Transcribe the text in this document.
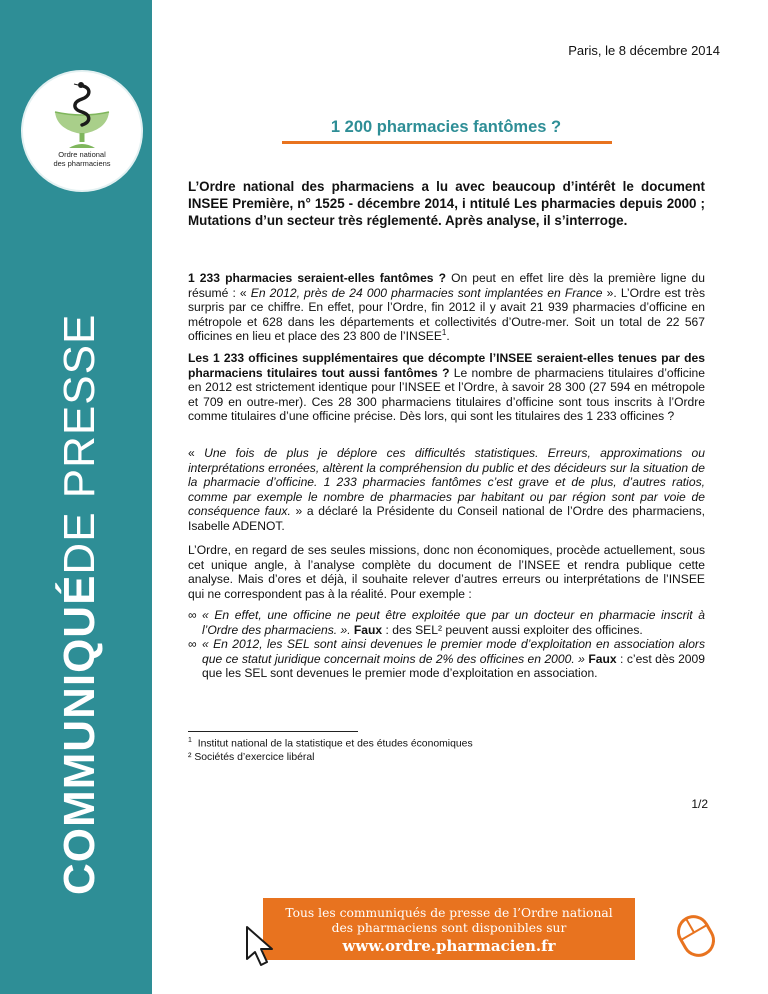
Ordre national
des pharmaciens
COMMUNIQUÉDE PRESSE
Paris, le 8 décembre 2014
1 200 pharmacies fantômes ?

L’Ordre national des pharmaciens a lu avec beaucoup d’intérêt le document INSEE Première, n° 1525 - décembre 2014, i ntitulé Les pharmacies depuis 2000 ; Mutations d’un secteur très réglementé. Après analyse, il s’interroge.

1 233 pharmacies seraient-elles fantômes ? On peut en effet lire dès la première ligne du résumé : « En 2012, près de 24 000 pharmacies sont implantées en France ». L’Ordre est très surpris par ce chiffre. En effet, pour l’Ordre, fin 2012 il y avait 21 939 pharmacies d’officine en métropole et 628 dans les départements et collectivités d’Outre-mer. Soit un total de 22 567 officines en lieu et place des 23 800 de l’INSEE$^1$.

Les 1 233 officines supplémentaires que décompte l’INSEE seraient-elles tenues par des pharmaciens titulaires tout aussi fantômes ? Le nombre de pharmaciens titulaires d’officine en 2012 est strictement identique pour l’INSEE et l’Ordre, à savoir 28 300 (27 594 en métropole et 709 en outre-mer). Ces 28 300 pharmaciens titulaires d’officine sont tous inscrits à l’Ordre comme titulaires d’une officine précise. Dès lors, qui sont les titulaires des 1 233 officines ?

« Une fois de plus je déplore ces difficultés statistiques. Erreurs, approximations ou interprétations erronées, altèrent la compréhension du public et des décideurs sur la situation de la pharmacie d’officine. 1 233 pharmacies fantômes c’est grave et de plus, d’autres ratios, comme par exemple le nombre de pharmacies par habitant ou par région sont par voie de conséquence faux. » a déclaré la Présidente du Conseil national de l’Ordre des pharmaciens, Isabelle ADENOT.

L’Ordre, en regard de ses seules missions, donc non économiques, procède actuellement, sous cet unique angle, à l’analyse complète du document de l’INSEE et rendra publique cette analyse. Mais d’ores et déjà, il souhaite relever d’autres erreurs ou interprétations de l’INSEE qui ne correspondent pas à la réalité. Pour exemple :

∞ « En effet, une officine ne peut être exploitée que par un docteur en pharmacie inscrit à l’Ordre des pharmaciens. ». Faux : des SEL² peuvent aussi exploiter des officines.
∞ « En 2012, les SEL sont ainsi devenues le premier mode d’exploitation en association alors que ce statut juridique concernait moins de 2% des officines en 2000. » Faux : c’est dès 2009 que les SEL sont devenues le premier mode d’exploitation en association.
$^1$ Institut national de la statistique et des études économiques
² Sociétés d’exercice libéral
1/2
Tous les communiqués de presse de l’Ordre national
des pharmaciens sont disponibles sur
www.ordre.pharmacien.fr
